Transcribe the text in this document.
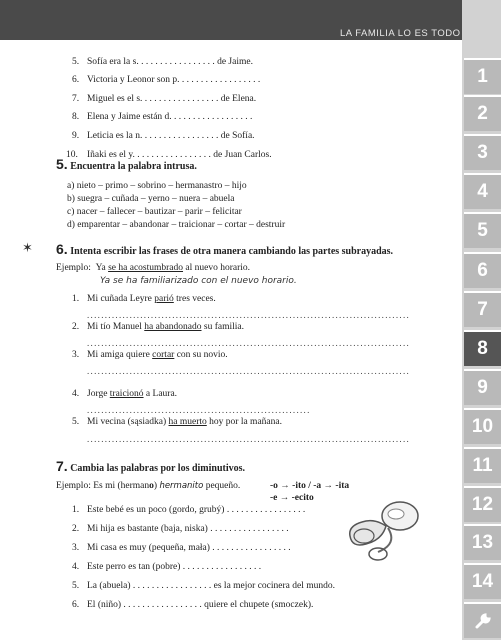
LA FAMILIA LO ES TODO
1
2
3
4
5
6
7
8
9
10
11
12
13
14
5. Sofía era la s. . . . . . . . . . . . . . . . . de Jaime.
6. Victoria y Leonor son p. . . . . . . . . . . . . . . . . .
7. Miguel es el s. . . . . . . . . . . . . . . . . de Elena.
8. Elena y Jaime están d. . . . . . . . . . . . . . . . . .
9. Leticia es la n. . . . . . . . . . . . . . . . . de Sofía.
10. Iñaki es el y. . . . . . . . . . . . . . . . . de Juan Carlos.
5. Encuentra la palabra intrusa.
a) nieto – primo – sobrino – hermanastro – hijo
b) suegra – cuñada – yerno – nuera – abuela
c) nacer – fallecer – bautizar – parir – felicitar
d) emparentar – abandonar – traicionar – cortar – destruir
✶ 6. Intenta escribir las frases de otra manera cambiando las partes subrayadas.
Ejemplo: Ya se ha acostumbrado al nuevo horario.
Ya se ha familiarizado con el nuevo horario.
1. Mi cuñada Leyre parió tres veces.
...........................................................................................
2. Mi tío Manuel ha abandonado su familia.
...........................................................................................
3. Mi amiga quiere cortar con su novio.
...........................................................................................
4. Jorge traicionó a Laura.
...............................................................
5. Mi vecina (sąsiadka) ha muerto hoy por la mañana.
...........................................................................................
7. Cambia las palabras por los diminutivos.
Ejemplo: Es mi (hermano) hermanito pequeño.	-o → -ito / -a → -ita
-e → -ecito
1. Este bebé es un poco (gordo, grubý) . . . . . . . . . . . . . . . . .
2. Mi hija es bastante (baja, niska) . . . . . . . . . . . . . . . . .
3. Mi casa es muy (pequeña, mała) . . . . . . . . . . . . . . . . .
4. Este perro es tan (pobre) . . . . . . . . . . . . . . . . .
5. La (abuela) . . . . . . . . . . . . . . . . . es la mejor cocinera del mundo.
6. El (niño) . . . . . . . . . . . . . . . . . quiere el chupete (smoczek).
